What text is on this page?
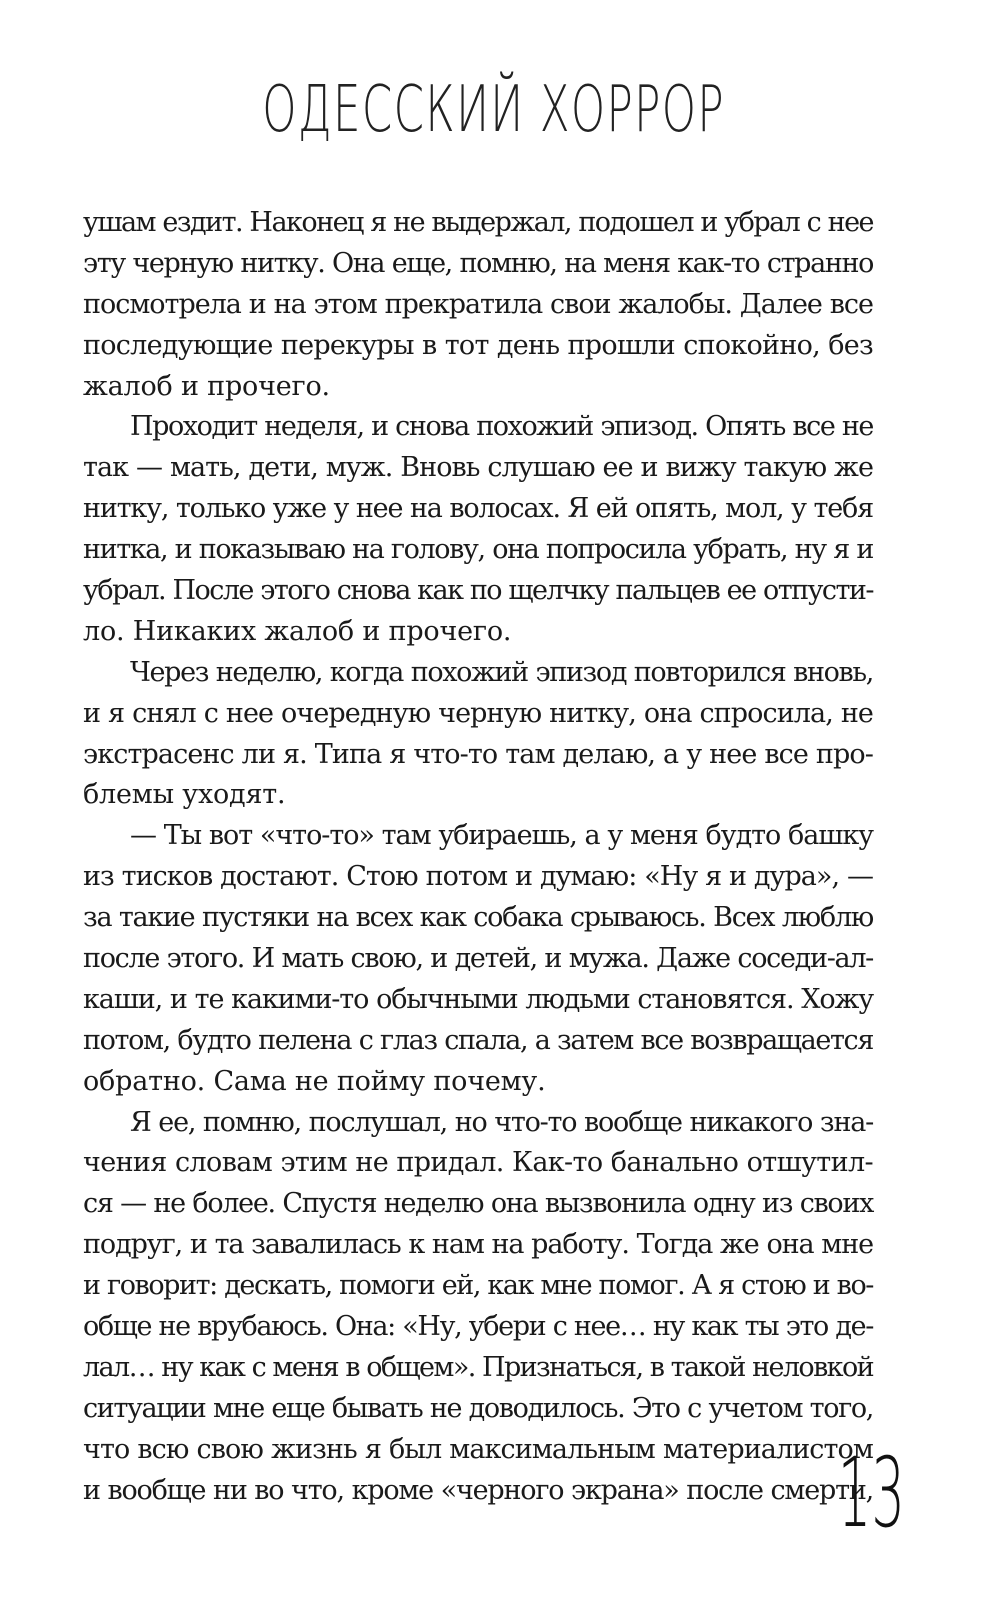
ОДЕССКИЙ ХОРРОР
ушам ездит. Наконец я не выдержал, подошел и убрал с нее
эту черную нитку. Она еще, помню, на меня как-то странно
посмотрела и на этом прекратила свои жалобы. Далее все
последующие перекуры в тот день прошли спокойно, без
жалоб и прочего.
Проходит неделя, и снова похожий эпизод. Опять все не
так — мать, дети, муж. Вновь слушаю ее и вижу такую же
нитку, только уже у нее на волосах. Я ей опять, мол, у тебя
нитка, и показываю на голову, она попросила убрать, ну я и
убрал. После этого снова как по щелчку пальцев ее отпусти-
ло. Никаких жалоб и прочего.
Через неделю, когда похожий эпизод повторился вновь,
и я снял с нее очередную черную нитку, она спросила, не
экстрасенс ли я. Типа я что-то там делаю, а у нее все про-
блемы уходят.
— Ты вот «что-то» там убираешь, а у меня будто башку
из тисков достают. Стою потом и думаю: «Ну я и дура», —
за такие пустяки на всех как собака срываюсь. Всех люблю
после этого. И мать свою, и детей, и мужа. Даже соседи-ал-
каши, и те какими-то обычными людьми становятся. Хожу
потом, будто пелена с глаз спала, а затем все возвращается
обратно. Сама не пойму почему.
Я ее, помню, послушал, но что-то вообще никакого зна-
чения словам этим не придал. Как-то банально отшутил-
ся — не более. Спустя неделю она вызвонила одну из своих
подруг, и та завалилась к нам на работу. Тогда же она мне
и говорит: дескать, помоги ей, как мне помог. А я стою и во-
обще не врубаюсь. Она: «Ну, убери с нее… ну как ты это де-
лал… ну как с меня в общем». Признаться, в такой неловкой
ситуации мне еще бывать не доводилось. Это с учетом того,
что всю свою жизнь я был максимальным материалистом
и вообще ни во что, кроме «черного экрана» после смерти,
13
